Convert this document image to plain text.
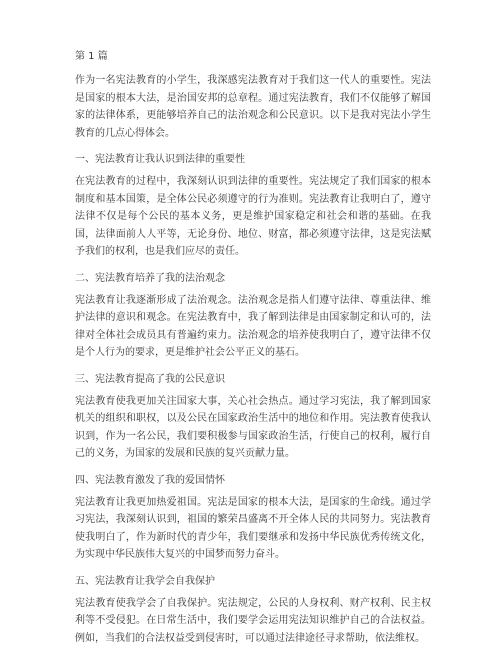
第 1 篇

作为一名宪法教育的小学生，我深感宪法教育对于我们这一代人的重要性。宪法是国家的根本大法，是治国安邦的总章程。通过宪法教育，我们不仅能够了解国家的法律体系，更能够培养自己的法治观念和公民意识。以下是我对宪法小学生教育的几点心得体会。

一、宪法教育让我认识到法律的重要性

在宪法教育的过程中，我深刻认识到法律的重要性。宪法规定了我们国家的根本制度和基本国策，是全体公民必须遵守的行为准则。宪法教育让我明白了，遵守法律不仅是每个公民的基本义务，更是维护国家稳定和社会和谐的基础。在我国，法律面前人人平等，无论身份、地位、财富，都必须遵守法律，这是宪法赋予我们的权利，也是我们应尽的责任。

二、宪法教育培养了我的法治观念

宪法教育让我逐渐形成了法治观念。法治观念是指人们遵守法律、尊重法律、维护法律的意识和观念。在宪法教育中，我了解到法律是由国家制定和认可的，法律对全体社会成员具有普遍约束力。法治观念的培养使我明白了，遵守法律不仅是个人行为的要求，更是维护社会公平正义的基石。

三、宪法教育提高了我的公民意识

宪法教育使我更加关注国家大事，关心社会热点。通过学习宪法，我了解到国家机关的组织和职权，以及公民在国家政治生活中的地位和作用。宪法教育使我认识到，作为一名公民，我们要积极参与国家政治生活，行使自己的权利，履行自己的义务，为国家的发展和民族的复兴贡献力量。

四、宪法教育激发了我的爱国情怀

宪法教育让我更加热爱祖国。宪法是国家的根本大法，是国家的生命线。通过学习宪法，我深刻认识到，祖国的繁荣昌盛离不开全体人民的共同努力。宪法教育使我明白了，作为新时代的青少年，我们要继承和发扬中华民族优秀传统文化，为实现中华民族伟大复兴的中国梦而努力奋斗。

五、宪法教育让我学会自我保护

宪法教育使我学会了自我保护。宪法规定，公民的人身权利、财产权利、民主权利等不受侵犯。在日常生活中，我们要学会运用宪法知识维护自己的合法权益。例如，当我们的合法权益受到侵害时，可以通过法律途径寻求帮助，依法维权。
